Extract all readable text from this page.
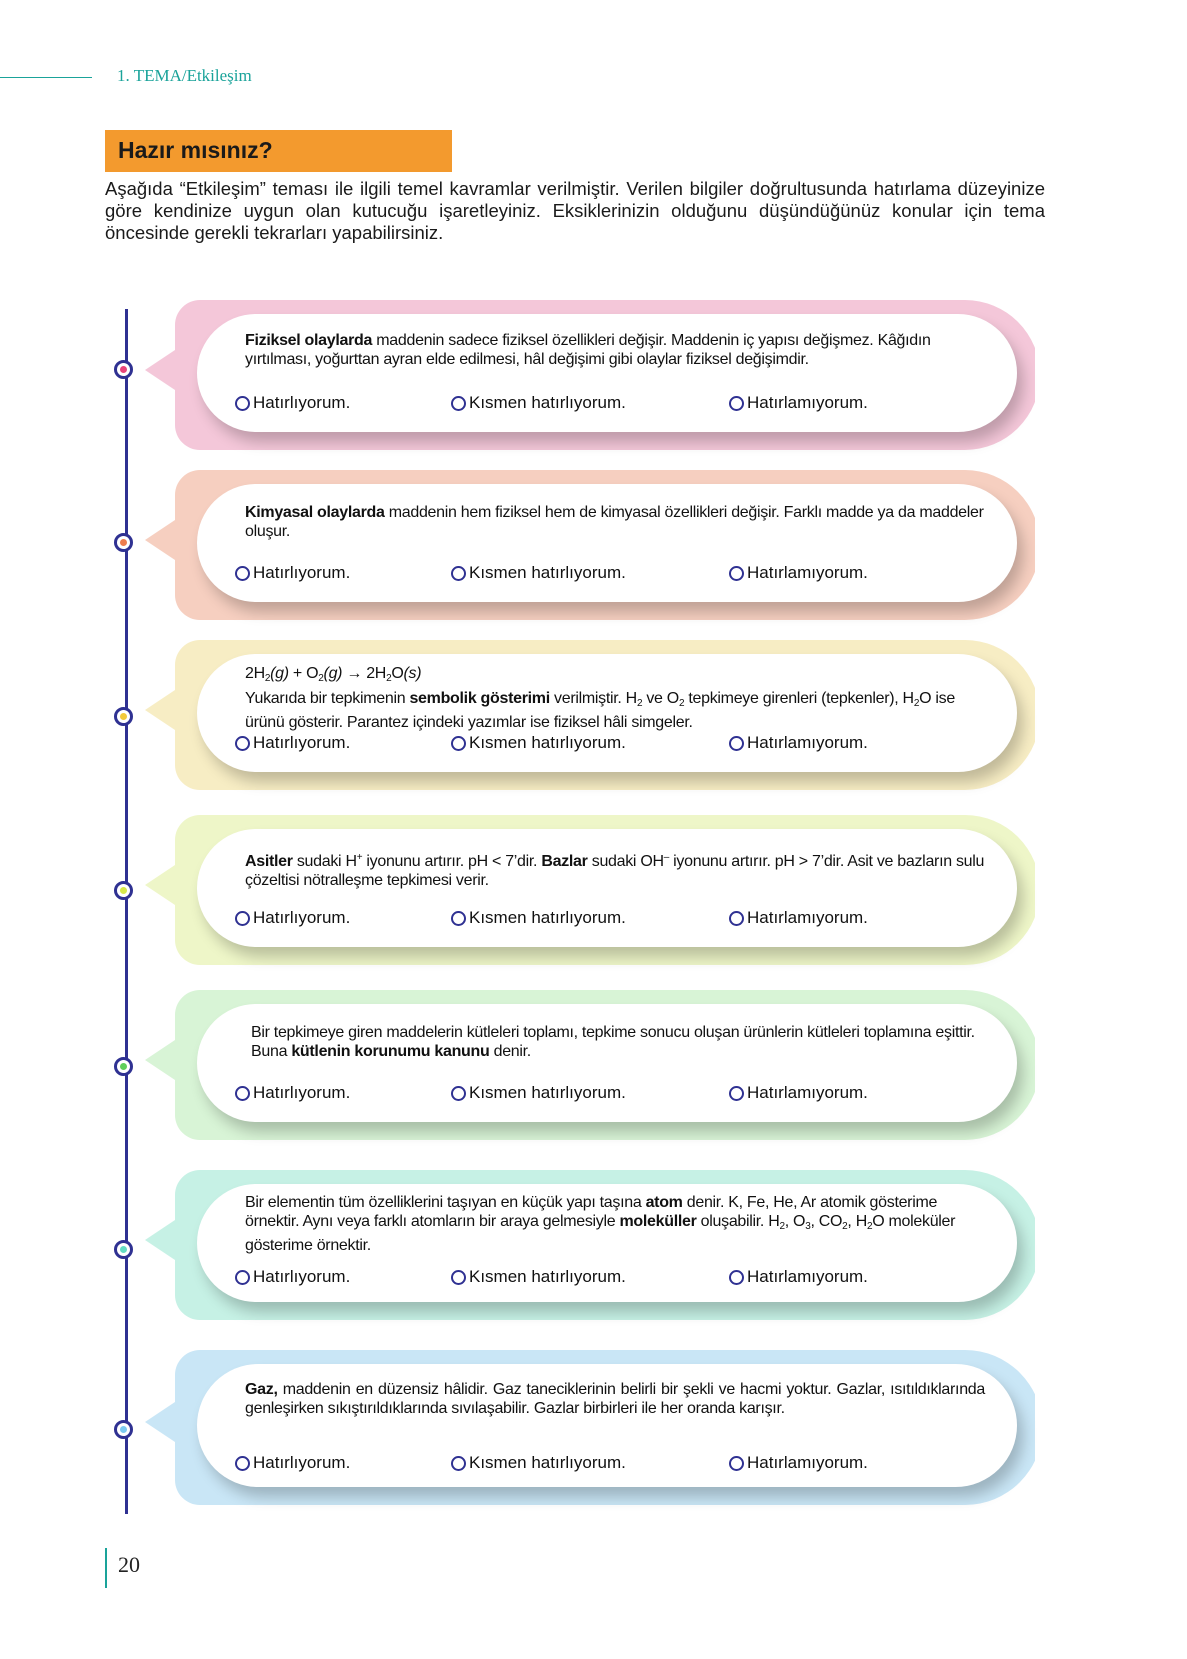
1. TEMA/Etkileşim
Hazır mısınız?
Aşağıda “Etkileşim” teması ile ilgili temel kavramlar verilmiştir. Verilen bilgiler doğrultusunda hatırlama düzeyinize göre kendinize uygun olan kutucuğu işaretleyiniz. Eksiklerinizin olduğunu düşündüğünüz konular için tema öncesinde gerekli tekrarları yapabilirsiniz.
Fiziksel olaylarda maddenin sadece fiziksel özellikleri değişir. Maddenin iç yapısı değişmez. Kâğıdın yırtılması, yoğurttan ayran elde edilmesi, hâl değişimi gibi olaylar fiziksel değişimdir.
Hatırlıyorum.	Kısmen hatırlıyorum.	Hatırlamıyorum.
Kimyasal olaylarda maddenin hem fiziksel hem de kimyasal özellikleri değişir. Farklı madde ya da maddeler oluşur.
Hatırlıyorum.	Kısmen hatırlıyorum.	Hatırlamıyorum.
$2H_2(g) + O_2(g) \to 2H_2O(s)$
Yukarıda bir tepkimenin sembolik gösterimi verilmiştir. $H_2$ ve $O_2$ tepkimeye girenleri (tepkenler), $H_2O$ ise ürünü gösterir. Parantez içindeki yazımlar ise fiziksel hâli simgeler.
Hatırlıyorum.	Kısmen hatırlıyorum.	Hatırlamıyorum.
Asitler sudaki H+ iyonunu artırır. pH < 7’dir. Bazlar sudaki OH– iyonunu artırır. pH > 7’dir. Asit ve bazların sulu çözeltisi nötralleşme tepkimesi verir.
Hatırlıyorum.	Kısmen hatırlıyorum.	Hatırlamıyorum.
Bir tepkimeye giren maddelerin kütleleri toplamı, tepkime sonucu oluşan ürünlerin kütleleri toplamına eşittir. Buna kütlenin korunumu kanunu denir.
Hatırlıyorum.	Kısmen hatırlıyorum.	Hatırlamıyorum.
Bir elementin tüm özelliklerini taşıyan en küçük yapı taşına atom denir. K, Fe, He, Ar atomik gösterime örnektir. Aynı veya farklı atomların bir araya gelmesiyle moleküller oluşabilir. $H_2$, $O_3$, $CO_2$, $H_2O$ moleküler gösterime örnektir.
Hatırlıyorum.	Kısmen hatırlıyorum.	Hatırlamıyorum.
Gaz, maddenin en düzensiz hâlidir. Gaz taneciklerinin belirli bir şekli ve hacmi yoktur. Gazlar, ısıtıldıklarında genleşirken sıkıştırıldıklarında sıvılaşabilir. Gazlar birbirleri ile her oranda karışır.
Hatırlıyorum.	Kısmen hatırlıyorum.	Hatırlamıyorum.
20
